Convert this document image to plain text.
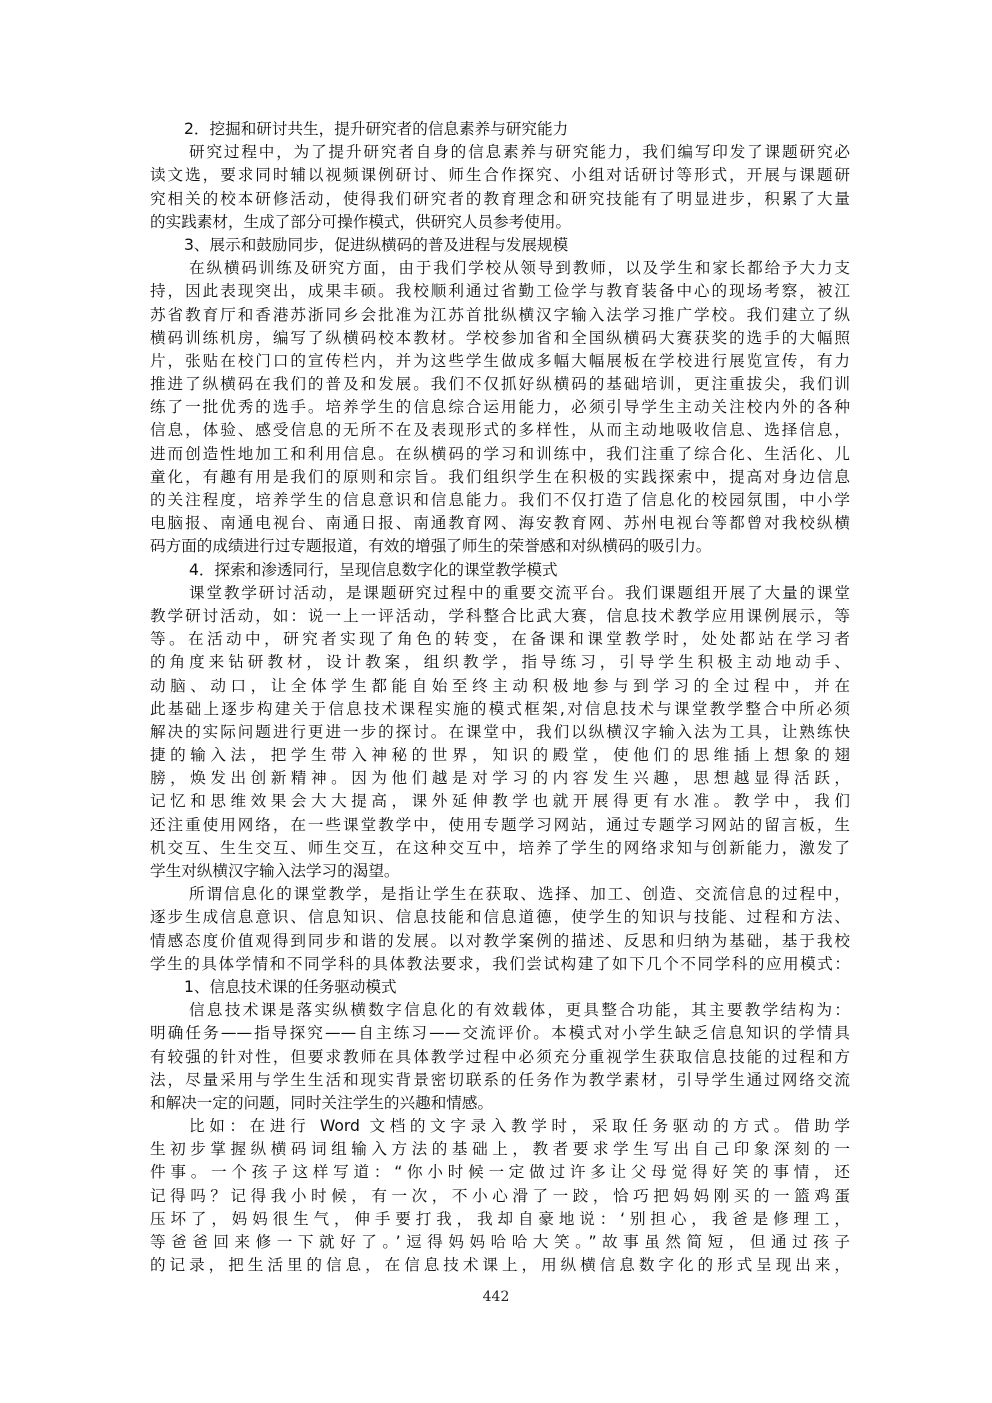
2．挖掘和研讨共生，提升研究者的信息素养与研究能力
研究过程中，为了提升研究者自身的信息素养与研究能力，我们编写印发了课题研究必
读文选，要求同时辅以视频课例研讨、师生合作探究、小组对话研讨等形式，开展与课题研
究相关的校本研修活动，使得我们研究者的教育理念和研究技能有了明显进步，积累了大量
的实践素材，生成了部分可操作模式，供研究人员参考使用。
3、展示和鼓励同步，促进纵横码的普及进程与发展规模
在纵横码训练及研究方面，由于我们学校从领导到教师，以及学生和家长都给予大力支
持，因此表现突出，成果丰硕。我校顺利通过省勤工俭学与教育装备中心的现场考察，被江
苏省教育厅和香港苏浙同乡会批准为江苏首批纵横汉字输入法学习推广学校。我们建立了纵
横码训练机房，编写了纵横码校本教材。学校参加省和全国纵横码大赛获奖的选手的大幅照
片，张贴在校门口的宣传栏内，并为这些学生做成多幅大幅展板在学校进行展览宣传，有力
推进了纵横码在我们的普及和发展。我们不仅抓好纵横码的基础培训，更注重拔尖，我们训
练了一批优秀的选手。培养学生的信息综合运用能力，必须引导学生主动关注校内外的各种
信息，体验、感受信息的无所不在及表现形式的多样性，从而主动地吸收信息、选择信息，
进而创造性地加工和利用信息。在纵横码的学习和训练中，我们注重了综合化、生活化、儿
童化，有趣有用是我们的原则和宗旨。我们组织学生在积极的实践探索中，提高对身边信息
的关注程度，培养学生的信息意识和信息能力。我们不仅打造了信息化的校园氛围，中小学
电脑报、南通电视台、南通日报、南通教育网、海安教育网、苏州电视台等都曾对我校纵横
码方面的成绩进行过专题报道，有效的增强了师生的荣誉感和对纵横码的吸引力。
4．探索和渗透同行，呈现信息数字化的课堂教学模式
课堂教学研讨活动，是课题研究过程中的重要交流平台。我们课题组开展了大量的课堂
教学研讨活动，如：说一上一评活动，学科整合比武大赛，信息技术教学应用课例展示，等
等。在活动中，研究者实现了角色的转变，在备课和课堂教学时，处处都站在学习者
的角度来钻研教材，设计教案，组织教学，指导练习，引导学生积极主动地动手、
动脑、动口，让全体学生都能自始至终主动积极地参与到学习的全过程中，并在
此基础上逐步构建关于信息技术课程实施的模式框架,对信息技术与课堂教学整合中所必须
解决的实际问题进行更进一步的探讨。在课堂中，我们以纵横汉字输入法为工具，让熟练快
捷的输入法，把学生带入神秘的世界，知识的殿堂，使他们的思维插上想象的翅
膀，焕发出创新精神。因为他们越是对学习的内容发生兴趣，思想越显得活跃，
记忆和思维效果会大大提高，课外延伸教学也就开展得更有水准。教学中，我们
还注重使用网络，在一些课堂教学中，使用专题学习网站，通过专题学习网站的留言板，生
机交互、生生交互、师生交互，在这种交互中，培养了学生的网络求知与创新能力，激发了
学生对纵横汉字输入法学习的渴望。
所谓信息化的课堂教学，是指让学生在获取、选择、加工、创造、交流信息的过程中，
逐步生成信息意识、信息知识、信息技能和信息道德，使学生的知识与技能、过程和方法、
情感态度价值观得到同步和谐的发展。以对教学案例的描述、反思和归纳为基础，基于我校
学生的具体学情和不同学科的具体教法要求，我们尝试构建了如下几个不同学科的应用模式：
1、信息技术课的任务驱动模式
信息技术课是落实纵横数字信息化的有效载体，更具整合功能，其主要教学结构为：
明确任务——指导探究——自主练习——交流评价。本模式对小学生缺乏信息知识的学情具
有较强的针对性，但要求教师在具体教学过程中必须充分重视学生获取信息技能的过程和方
法，尽量采用与学生生活和现实背景密切联系的任务作为教学素材，引导学生通过网络交流
和解决一定的问题，同时关注学生的兴趣和情感。
比如：在进行 Word 文档的文字录入教学时，采取任务驱动的方式。借助学
生初步掌握纵横码词组输入方法的基础上，教者要求学生写出自己印象深刻的一
件事。一个孩子这样写道：“你小时候一定做过许多让父母觉得好笑的事情，还
记得吗？记得我小时候，有一次，不小心滑了一跤，恰巧把妈妈刚买的一篮鸡蛋
压坏了，妈妈很生气，伸手要打我，我却自豪地说：‘别担心，我爸是修理工，
等爸爸回来修一下就好了。’逗得妈妈哈哈大笑。”故事虽然简短，但通过孩子
的记录，把生活里的信息，在信息技术课上，用纵横信息数字化的形式呈现出来，
442
